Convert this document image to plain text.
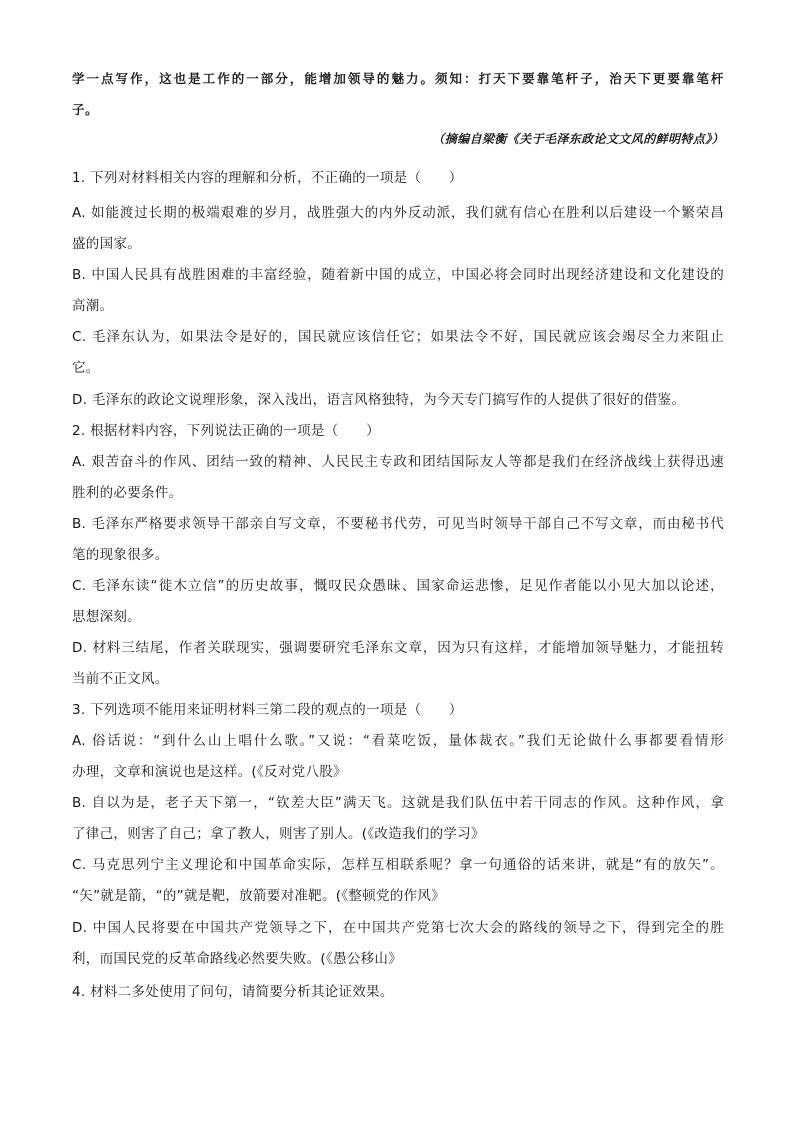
学一点写作，这也是工作的一部分，能增加领导的魅力。须知：打天下要靠笔杆子，治天下更要靠笔杆
子。
（摘编自梁衡《关于毛泽东政论文文风的鲜明特点》）
1. 下列对材料相关内容的理解和分析，不正确的一项是（　　）
A. 如能渡过长期的极端艰难的岁月，战胜强大的内外反动派，我们就有信心在胜利以后建设一个繁荣昌
盛的国家。
B. 中国人民具有战胜困难的丰富经验，随着新中国的成立，中国必将会同时出现经济建设和文化建设的
高潮。
C. 毛泽东认为，如果法令是好的，国民就应该信任它；如果法令不好，国民就应该会竭尽全力来阻止
它。
D. 毛泽东的政论文说理形象，深入浅出，语言风格独特，为今天专门搞写作的人提供了很好的借鉴。
2. 根据材料内容，下列说法正确的一项是（　　）
A. 艰苦奋斗的作风、团结一致的精神、人民民主专政和团结国际友人等都是我们在经济战线上获得迅速
胜利的必要条件。
B. 毛泽东严格要求领导干部亲自写文章，不要秘书代劳，可见当时领导干部自己不写文章，而由秘书代
笔的现象很多。
C. 毛泽东读“徙木立信”的历史故事，慨叹民众愚昧、国家命运悲惨，足见作者能以小见大加以论述，
思想深刻。
D. 材料三结尾，作者关联现实，强调要研究毛泽东文章，因为只有这样，才能增加领导魅力，才能扭转
当前不正文风。
3. 下列选项不能用来证明材料三第二段的观点的一项是（　　）
A. 俗话说：“到什么山上唱什么歌。”又说：“看菜吃饭，量体裁衣。”我们无论做什么事都要看情形
办理，文章和演说也是这样。(《反对党八股》
B. 自以为是，老子天下第一，“钦差大臣”满天飞。这就是我们队伍中若干同志的作风。这种作风，拿
了律己，则害了自己；拿了教人，则害了别人。(《改造我们的学习》
C. 马克思列宁主义理论和中国革命实际，怎样互相联系呢？拿一句通俗的话来讲，就是“有的放矢”。
“矢”就是箭，“的”就是靶，放箭要对准靶。(《整顿党的作风》
D. 中国人民将要在中国共产党领导之下，在中国共产党第七次大会的路线的领导之下，得到完全的胜
利，而国民党的反革命路线必然要失败。(《愚公移山》
4. 材料二多处使用了问句，请简要分析其论证效果。
